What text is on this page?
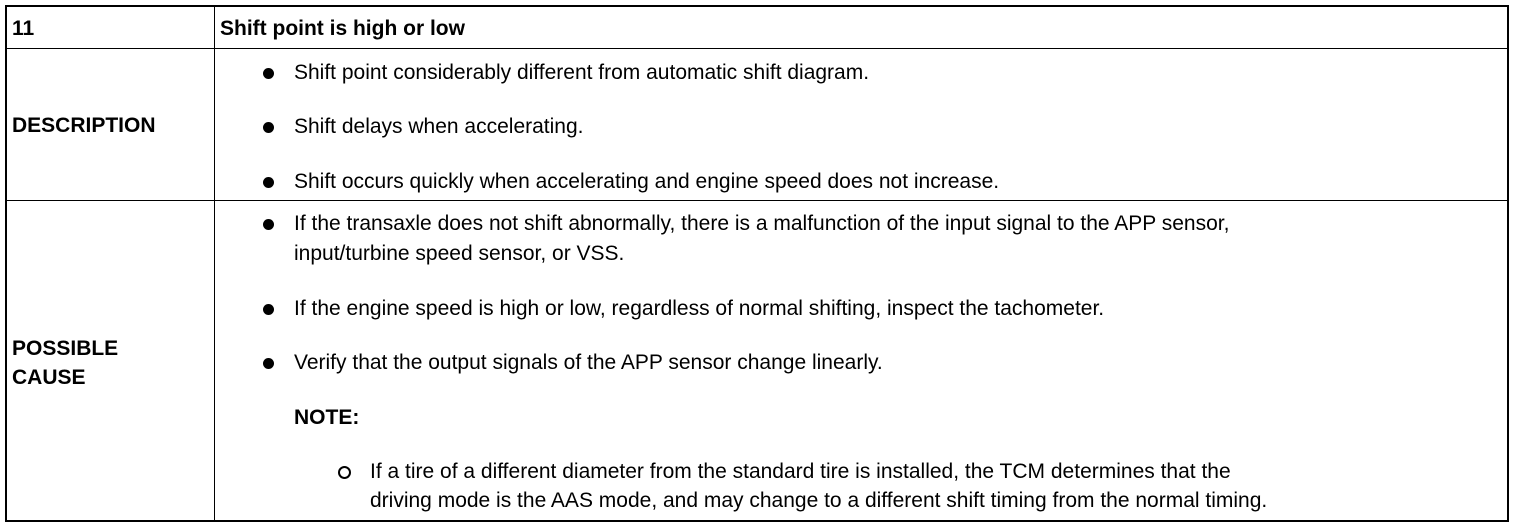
11	Shift point is high or low
DESCRIPTION
Shift point considerably different from automatic shift diagram.
Shift delays when accelerating.
Shift occurs quickly when accelerating and engine speed does not increase.
POSSIBLE
CAUSE
If the transaxle does not shift abnormally, there is a malfunction of the input signal to the APP sensor,
input/turbine speed sensor, or VSS.
If the engine speed is high or low, regardless of normal shifting, inspect the tachometer.
Verify that the output signals of the APP sensor change linearly.
NOTE:
If a tire of a different diameter from the standard tire is installed, the TCM determines that the
driving mode is the AAS mode, and may change to a different shift timing from the normal timing.
